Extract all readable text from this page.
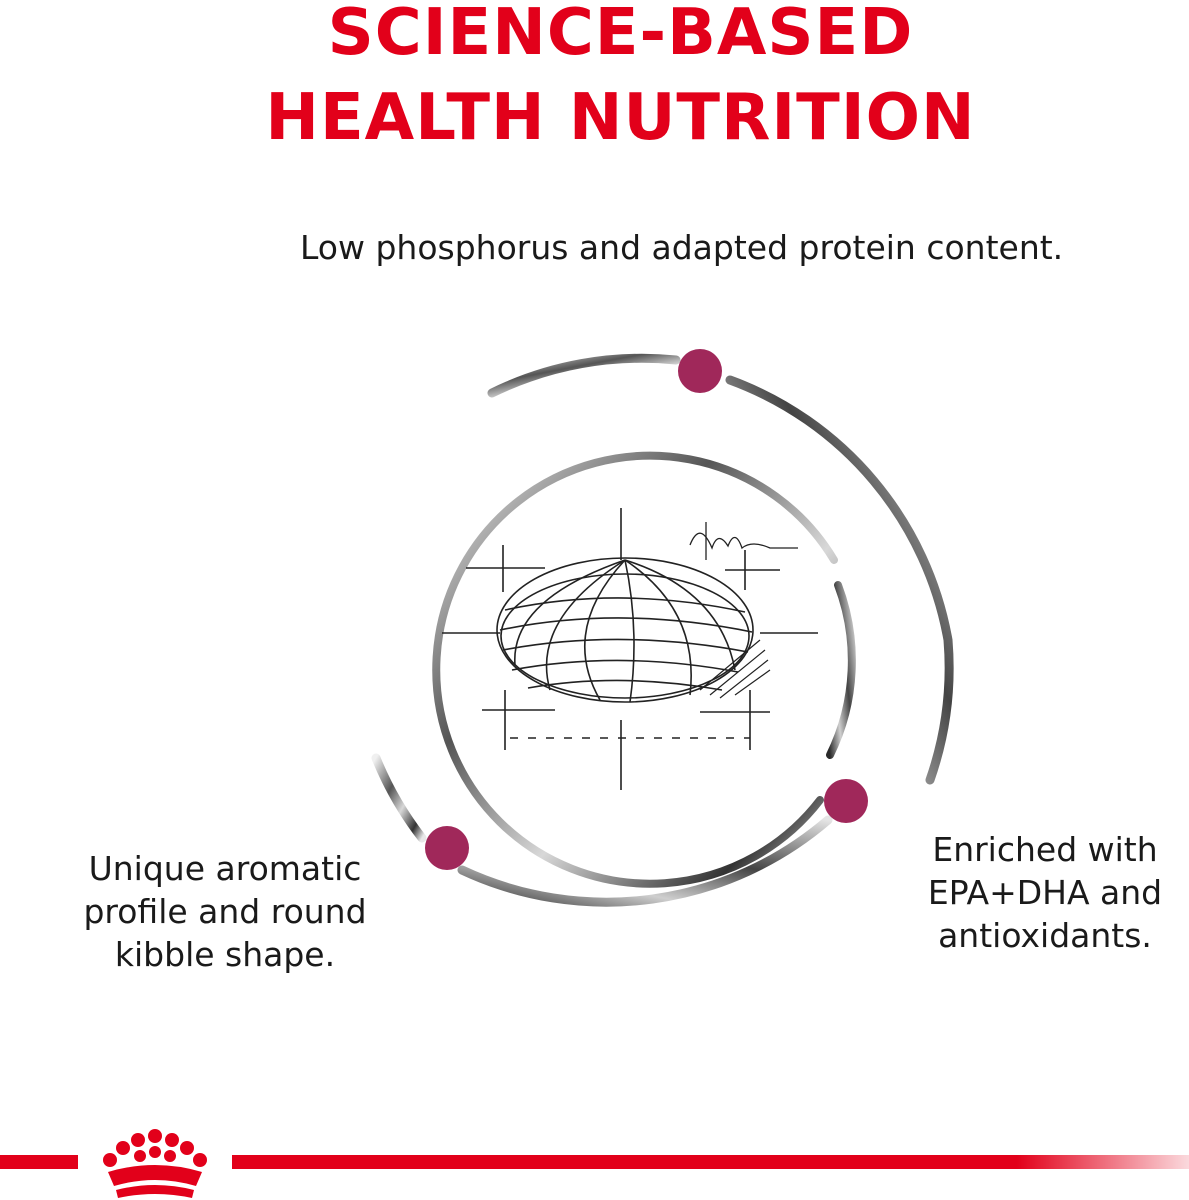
SCIENCE-BASED
HEALTH NUTRITION
Low phosphorus and adapted protein content.
Unique aromatic profile and round kibble shape.
Enriched with EPA+DHA and antioxidants.
